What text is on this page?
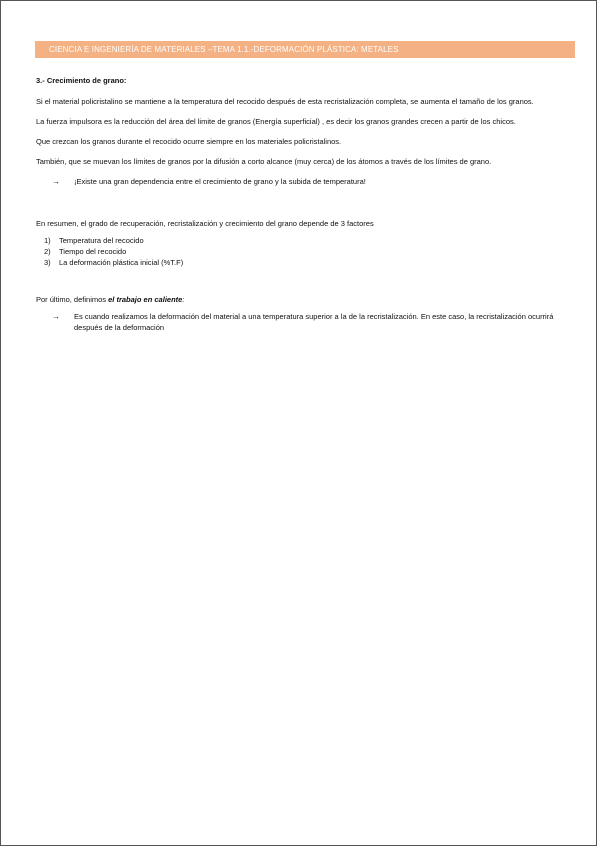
CIENCIA E INGENIERÍA DE MATERIALES –TEMA 1.1.-DEFORMACIÓN PLÁSTICA: METALES
3.- Crecimiento de grano:

Si el material policristalino se mantiene a la temperatura del recocido después de esta recristalización completa, se aumenta el tamaño de los granos.

La fuerza impulsora es la reducción del área del limite de granos (Energía superficial) , es decir los granos grandes crecen a partir de los chicos.

Que crezcan los granos durante el recocido ocurre siempre en los materiales policristalinos.

También, que se muevan los límites de granos por la difusión a corto alcance (muy cerca) de los átomos a través de los límites de grano.

→	¡Existe una gran dependencia entre el crecimiento de grano y la subida de temperatura!

En resumen, el grado de recuperación, recristalización y crecimiento del grano depende de 3 factores

1)	Temperatura del recocido
2)	Tiempo del recocido
3)	La deformación plástica inicial (%T.F)

Por último, definimos el trabajo en caliente:

→	Es cuando realizamos la deformación del material a una temperatura superior a la de la recristalización. En este caso, la recristalización ocurrirá después de la deformación
